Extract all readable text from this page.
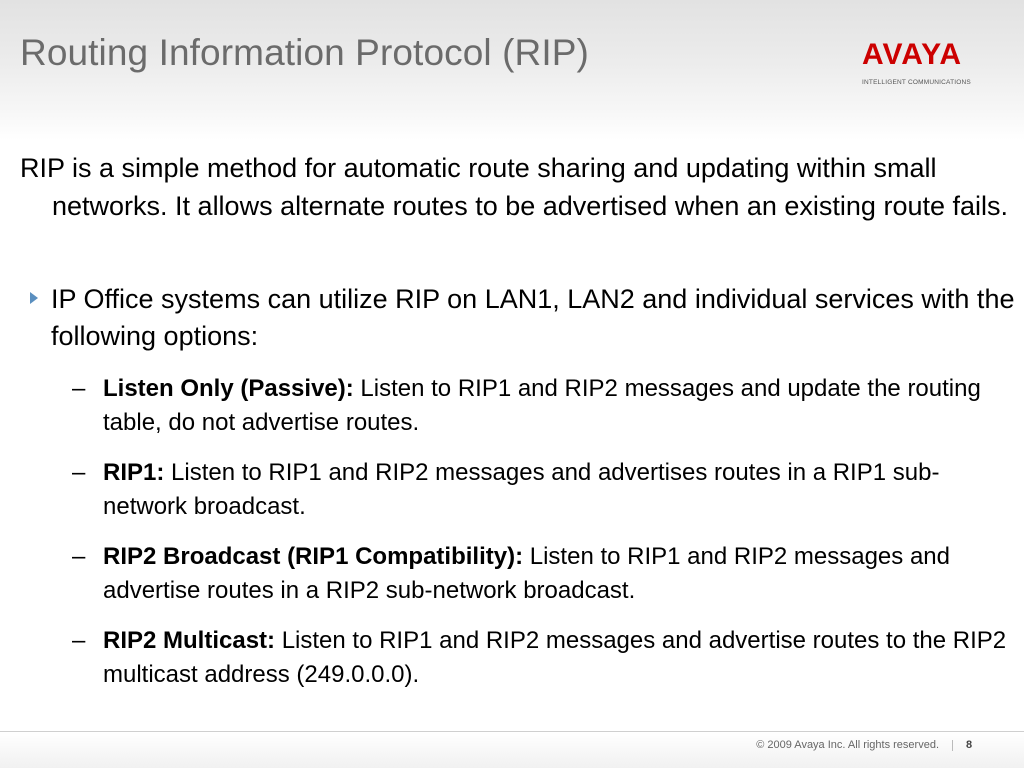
Routing Information Protocol (RIP)	AVAYA
INTELLIGENT COMMUNICATIONS

RIP is a simple method for automatic route sharing and updating within small networks. It allows alternate routes to be advertised when an existing route fails.

IP Office systems can utilize RIP on LAN1, LAN2 and individual services with the following options:

– Listen Only (Passive): Listen to RIP1 and RIP2 messages and update the routing table, do not advertise routes.

– RIP1: Listen to RIP1 and RIP2 messages and advertises routes in a RIP1 sub-network broadcast.

– RIP2 Broadcast (RIP1 Compatibility): Listen to RIP1 and RIP2 messages and advertise routes in a RIP2 sub-network broadcast.

– RIP2 Multicast: Listen to RIP1 and RIP2 messages and advertise routes to the RIP2 multicast address (249.0.0.0).

© 2009 Avaya Inc. All rights reserved. 8
